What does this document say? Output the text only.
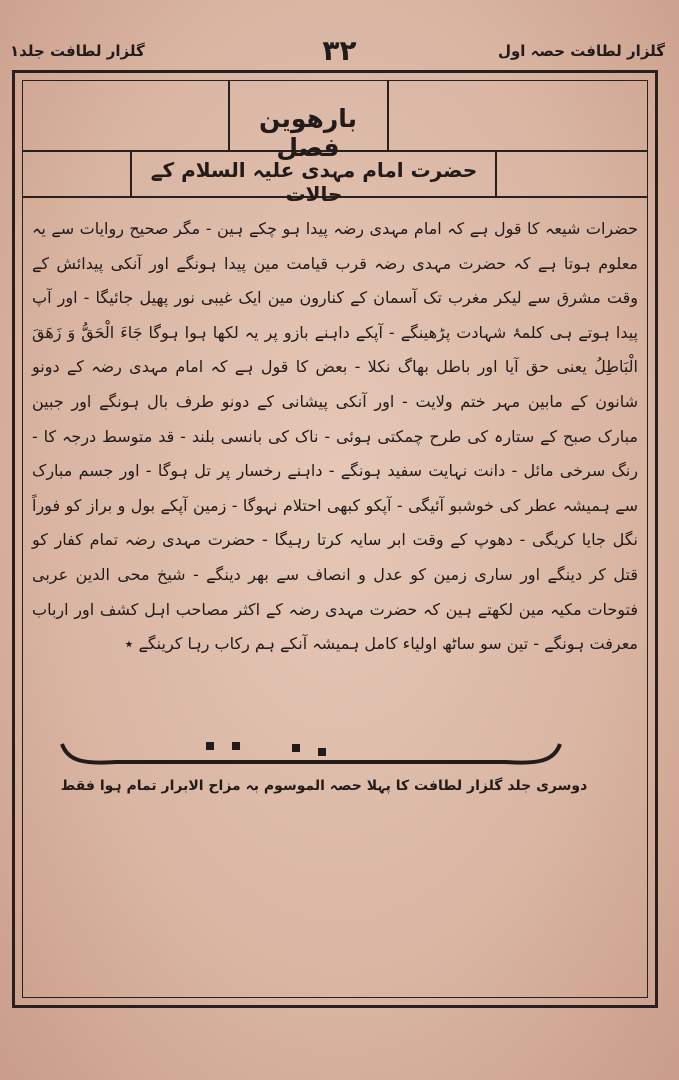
گلزار لطافت جلد۱	۳۲	گلزار لطافت حصہ اول
بارھوین فصل
حضرت امام مہدی علیہ السلام کے حالات

حضرات شیعہ کا قول ہے کہ امام مہدی رضہ پیدا ہو چکے ہین - مگر صحیح روایات سے یہ معلوم ہوتا ہے کہ حضرت مہدی رضہ قرب قیامت مین پیدا ہونگے اور آنکی پیدائش کے وقت مشرق سے لیکر مغرب تک آسمان کے کنارون مین ایک غیبی نور پھیل جائیگا - اور آپ پیدا ہوتے ہی کلمۂ شہادت پڑھینگے - آپکے داہنے بازو پر یہ لکھا ہوا ہوگا جَاءَ الْحَقُّ وَ زَهَقَ الْبَاطِلُ یعنی حق آیا اور باطل بھاگ نکلا - بعض کا قول ہے کہ امام مہدی رضہ کے دونو شانون کے مابین مہر ختم ولایت - اور آنکی پیشانی کے دونو طرف بال ہونگے اور جبین مبارک صبح کے ستارہ کی طرح چمکتی ہوئی - ناک کی بانسی بلند - قد متوسط درجہ کا - رنگ سرخی مائل - دانت نہایت سفید ہونگے - داہنے رخسار پر تل ہوگا - اور جسم مبارک سے ہمیشہ عطر کی خوشبو آئیگی - آپکو کبھی احتلام نہوگا - زمین آپکے بول و براز کو فوراً نگل جایا کریگی - دھوپ کے وقت ابر سایہ کرتا رہیگا - حضرت مہدی رضہ تمام کفار کو قتل کر دینگے اور ساری زمین کو عدل و انصاف سے بھر دینگے - شیخ محی الدین عربی فتوحات مکیہ مین لکھتے ہین کہ حضرت مہدی رضہ کے اکثر مصاحب اہل کشف اور ارباب معرفت ہونگے - تین سو ساٹھ اولیاء کامل ہمیشہ آنکے ہم رکاب رہا کرینگے ٭

دوسری جلد گلزار لطافت کا پہلا حصہ الموسوم بہ مزاح الابرار تمام ہوا فقط
